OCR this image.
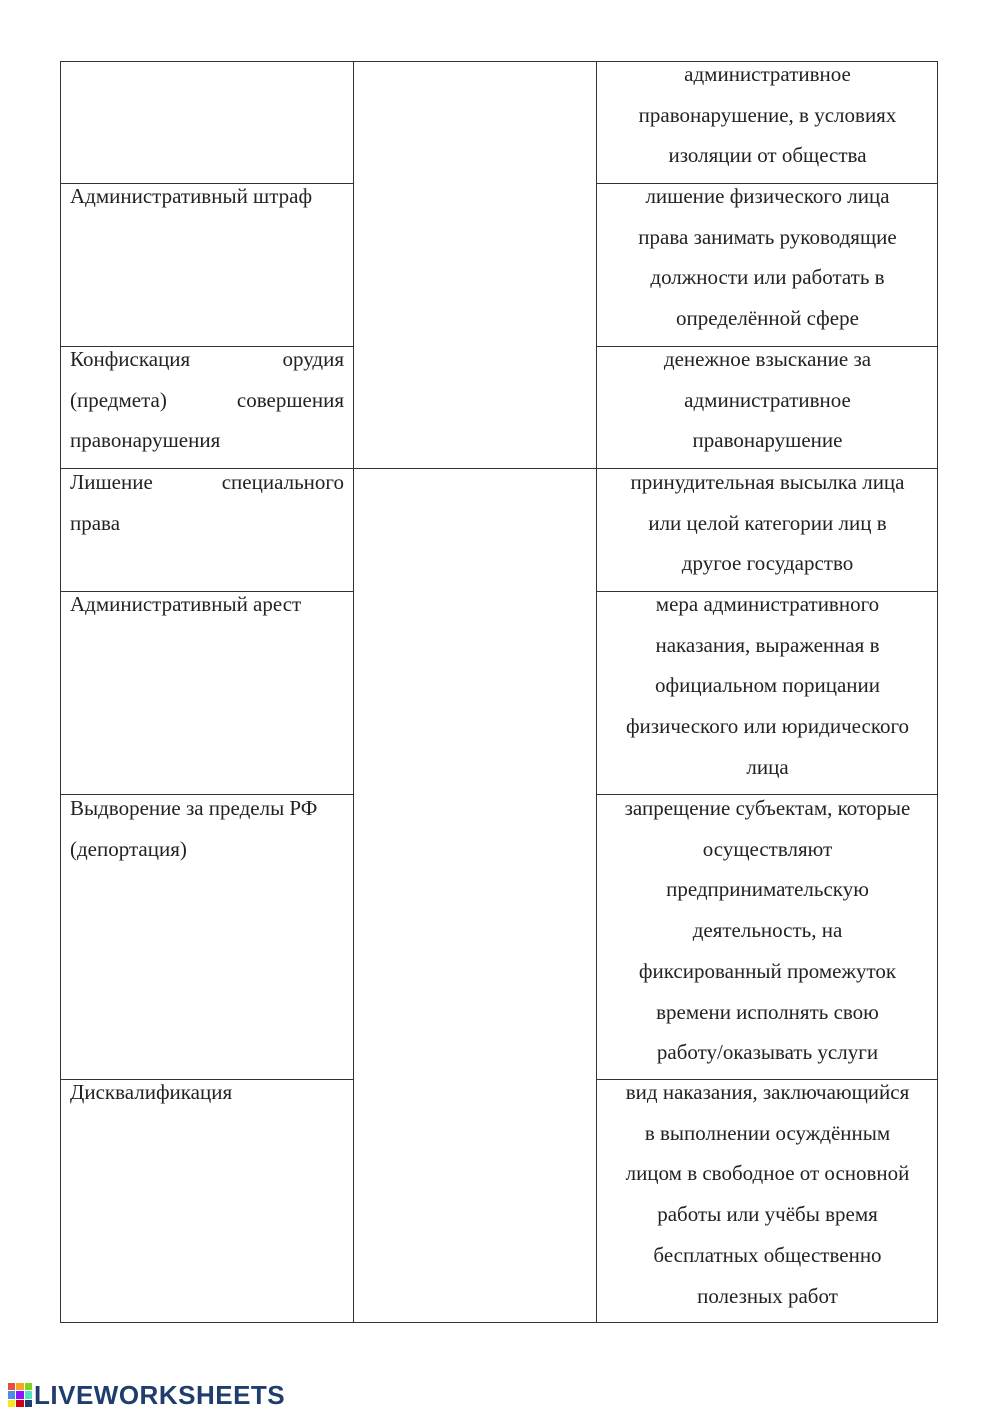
Административный штраф
Конфискация орудия
(предмета) совершения
правонарушения
Лишение специального
права
Административный арест
Выдворение за пределы РФ
(депортация)
Дисквалификация
административное
правонарушение, в условиях
изоляции от общества
лишение физического лица
права занимать руководящие
должности или работать в
определённой сфере
денежное взыскание за
административное
правонарушение
принудительная высылка лица
или целой категории лиц в
другое государство
мера административного
наказания, выраженная в
официальном порицании
физического или юридического
лица
запрещение субъектам, которые
осуществляют
предпринимательскую
деятельность, на
фиксированный промежуток
времени исполнять свою
работу/оказывать услуги
вид наказания, заключающийся
в выполнении осуждённым
лицом в свободное от основной
работы или учёбы время
бесплатных общественно
полезных работ
LIVEWORKSHEETS
